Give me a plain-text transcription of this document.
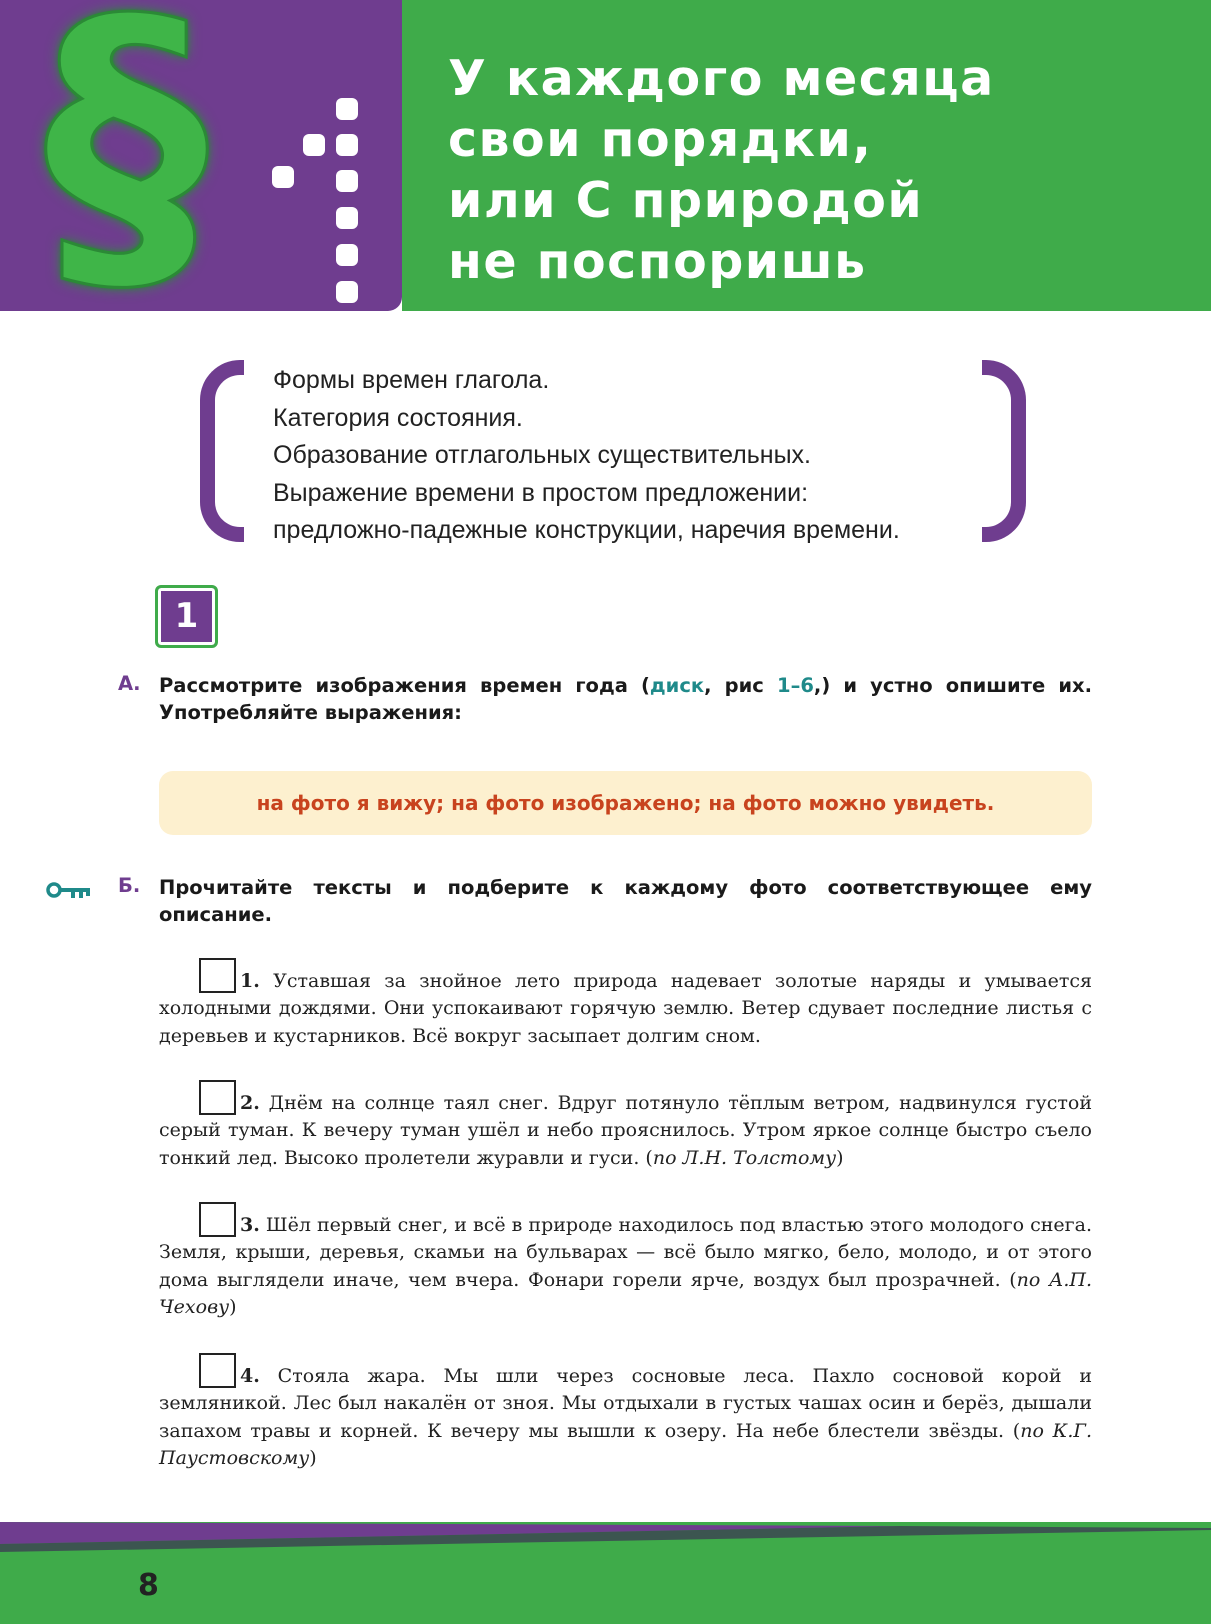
§	У каждого месяца
свои порядки,
или С природой
не поспоришь
Формы времен глагола.
Категория состояния.
Образование отглагольных существительных.
Выражение времени в простом предложении:
предложно-падежные конструкции, наречия времени.
1
А. Рассмотрите изображения времен года (диск, рис 1–6,) и устно опишите их. Употребляйте выражения:
на фото я вижу; на фото изображено; на фото можно увидеть.
Б. Прочитайте тексты и подберите к каждому фото соответствующее ему описание.
1. Уставшая за знойное лето природа надевает золотые наряды и умывается холодными дождями. Они успокаивают горячую землю. Ветер сдувает последние листья с деревьев и кустарников. Всё вокруг засыпает долгим сном.
2. Днём на солнце таял снег. Вдруг потянуло тёплым ветром, надвинулся густой серый туман. К вечеру туман ушёл и небо прояснилось. Утром яркое солнце быстро съело тонкий лед. Высоко пролетели журавли и гуси. (по Л.Н. Толстому)
3. Шёл первый снег, и всё в природе находилось под властью этого молодого снега. Земля, крыши, деревья, скамьи на бульварах — всё было мягко, бело, молодо, и от этого дома выглядели иначе, чем вчера. Фонари горели ярче, воздух был прозрачней. (по А.П. Чехову)
4. Стояла жара. Мы шли через сосновые леса. Пахло сосновой корой и земляникой. Лес был накалён от зноя. Мы отдыхали в густых чашах осин и берёз, дышали запахом травы и корней. К вечеру мы вышли к озеру. На небе блестели звёзды. (по К.Г. Паустовскому)
8
